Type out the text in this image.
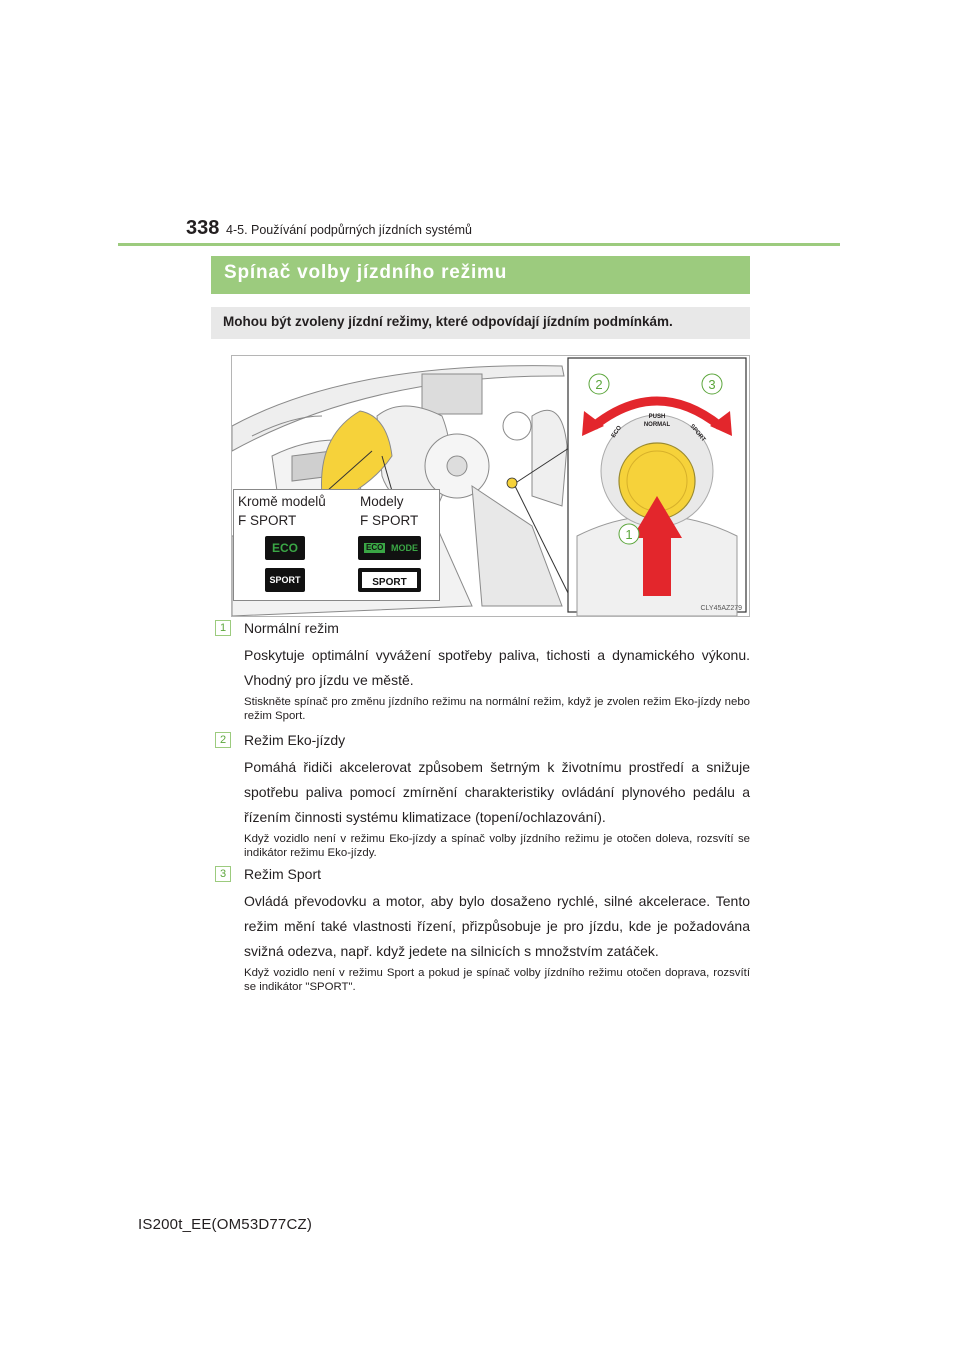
338 4-5. Používání podpůrných jízdních systémů
Spínač volby jízdního režimu
Mohou být zvoleny jízdní režimy, které odpovídají jízdním podmínkám.
PUSH
NORMAL
ECO	SPORT
2	3
1
CLY45AZ279
Kromě modelů
F SPORT
Modely
F SPORT
ECO	ECO MODE
SPORT	SPORT
1	Normální režim
Poskytuje optimální vyvážení spotřeby paliva, tichosti a dynamického výkonu. Vhodný pro jízdu ve městě.
Stiskněte spínač pro změnu jízdního režimu na normální režim, když je zvolen režim Eko-jízdy nebo režim Sport.
2	Režim Eko-jízdy
Pomáhá řidiči akcelerovat způsobem šetrným k životnímu prostředí a snižuje spotřebu paliva pomocí zmírnění charakteristiky ovládání plynového pedálu a řízením činnosti systému klimatizace (topení/ochlazování).
Když vozidlo není v režimu Eko-jízdy a spínač volby jízdního režimu je otočen doleva, rozsvítí se indikátor režimu Eko-jízdy.
3	Režim Sport
Ovládá převodovku a motor, aby bylo dosaženo rychlé, silné akcelerace. Tento režim mění také vlastnosti řízení, přizpůsobuje je pro jízdu, kde je požadována svižná odezva, např. když jedete na silnicích s množstvím zatáček.
Když vozidlo není v režimu Sport a pokud je spínač volby jízdního režimu otočen doprava, rozsvítí se indikátor "SPORT".
IS200t_EE(OM53D77CZ)
